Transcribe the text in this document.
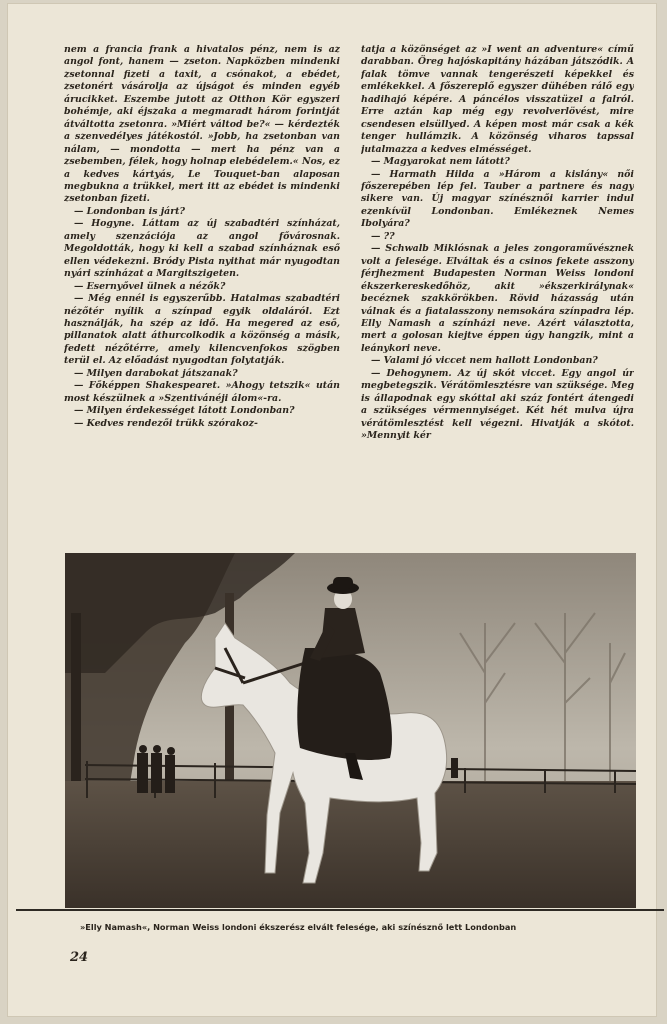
nem a francia frank a hivatalos pénz, nem is az angol font, hanem — zseton. Napközben mindenki zsetonnal fizeti a taxit, a csónakot, a ebédet, zsetonért vásárolja az újságot és minden egyéb árucikket. Eszembe jutott az Otthon Kör egyszeri bohémje, aki éjszaka a megmaradt három forintját átváltotta zsetonra. »Miért váltod be?« — kérdezték a szenvedélyes játékostól. »Jobb, ha zsetonban van nálam, — mondotta — mert ha pénz van a zsebemben, félek, hogy holnap elebédelem.« Nos, ez a kedves kártyás, Le Touquet-ban alaposan megbukna a trükkel, mert itt az ebédet is mindenki zsetonban fizeti.

— Londonban is járt?

— Hogyne. Láttam az új szabadtéri színházat, amely szenzációja az angol fővárosnak. Megoldották, hogy ki kell a szabad színháznak eső ellen védekezni. Bródy Pista nyithat már nyugodtan nyári színházat a Margitszigeten.

— Esernyővel ülnek a nézők?

— Még ennél is egyszerűbb. Hatalmas szabadtéri nézőtér nyílik a színpad egyik oldaláról. Ezt használják, ha szép az idő. Ha megered az eső, pillanatok alatt áthurcolkodik a közönség a másik, fedett nézőtérre, amely kilencvenfokos szögben terül el. Az előadást nyugodtan folytatják.

— Milyen darabokat játszanak?

— Főképpen Shakespearet. »Ahogy tetszik« után most készülnek a »Szentivánéji álom«-ra.

— Milyen érdekességet látott Londonban?

— Kedves rendezői trükk szórakoz-

tatja a közönséget az »I went an adventure« című darabban. Öreg hajóskapitány házában játszódik. A falak tömve vannak tengerészeti képekkel és emlékekkel. A főszereplő egyszer dühében rálő egy hadihajó képére. A páncélos visszatüzel a falról. Erre aztán kap még egy revolverlövést, mire csendesen elsüllyed. A képen most már csak a kék tenger hullámzik. A közönség viharos tapssal jutalmazza a kedves elmésséget.

— Magyarokat nem látott?

— Harmath Hilda a »Három a kislány« női főszerepében lép fel. Tauber a partnere és nagy sikere van. Új magyar színésznői karrier indul ezenkívül Londonban. Emlékeznek Nemes Ibolyára?

— ??

— Schwalb Miklósnak a jeles zongoraművésznek volt a felesége. Elváltak és a csinos fekete asszony férjhezment Budapesten Norman Weiss londoni ékszerkereskedőhöz, akit »ékszerkirálynak« becéznek szakkörökben. Rövid házasság után válnak és a fiatalasszony nemsokára színpadra lép. Elly Namash a színházi neve. Azért választotta, mert a golosan kiejtve éppen úgy hangzik, mint a leánykori neve.

— Valami jó viccet nem hallott Londonban?

— Dehogynem. Az új skót viccet. Egy angol úr megbetegszik. Vérátömlesztésre van szüksége. Meg is állapodnak egy skóttal aki száz fontért átengedi a szükséges vérmennyiséget. Két hét mulva újra vérátömlesztést kell végezni. Hivatják a skótot. »Mennyit kér

»Elly Namash«, Norman Weiss londoni ékszerész elvált felesége, aki színésznő lett Londonban
24
